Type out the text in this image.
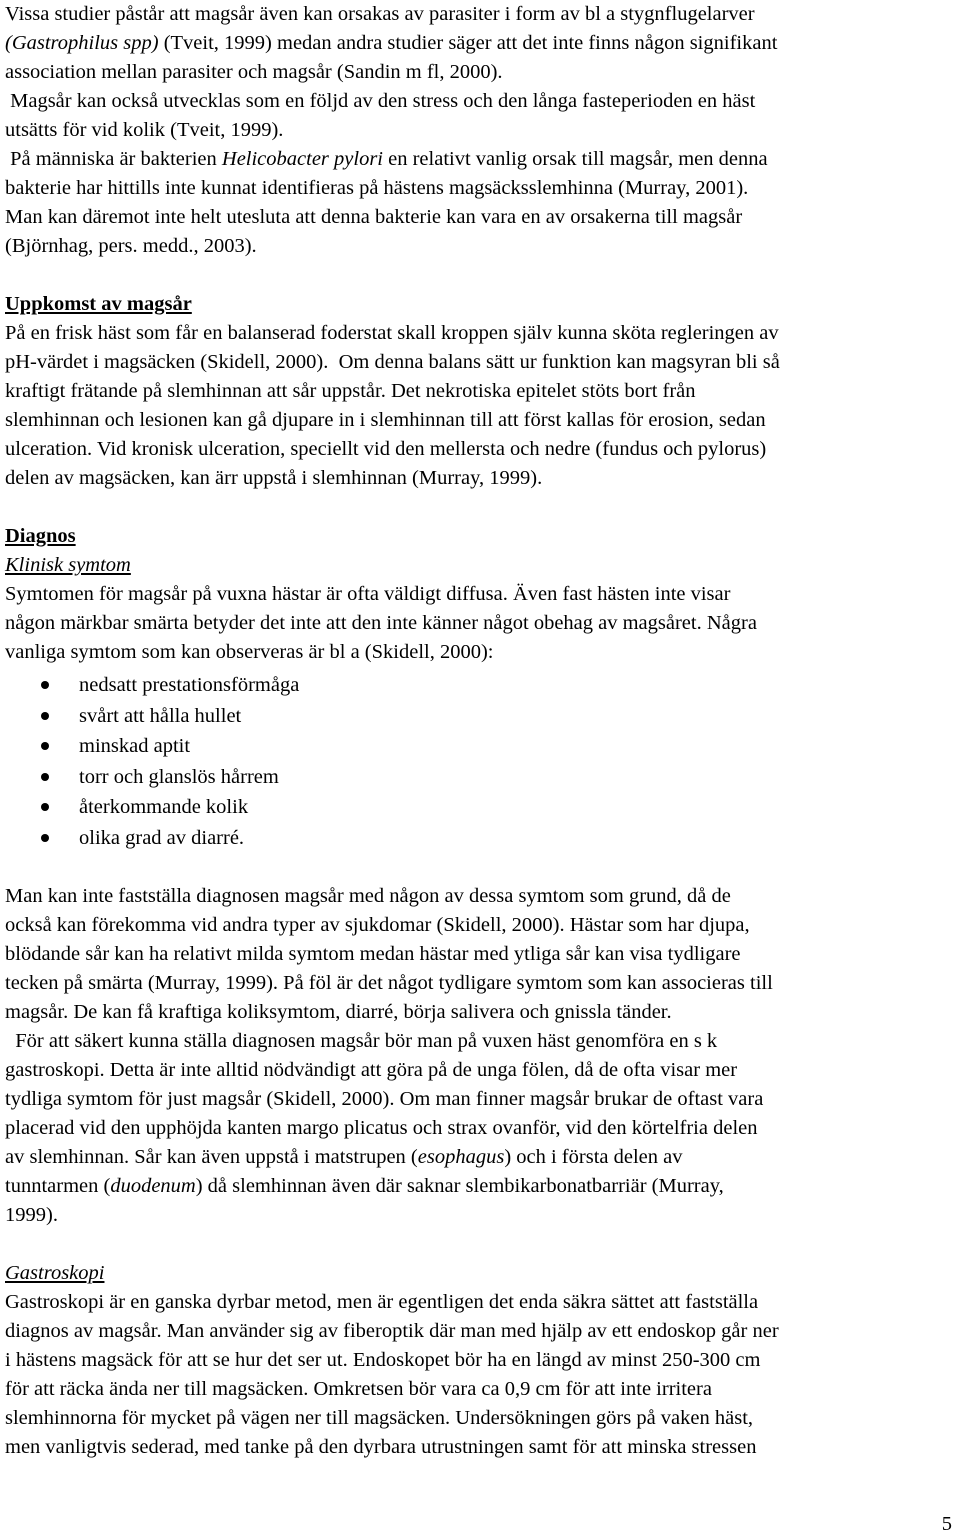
Vissa studier påstår att magsår även kan orsakas av parasiter i form av bl a stygnflugelarver

(Gastrophilus spp) (Tveit, 1999) medan andra studier säger att det inte finns någon signifikant

association mellan parasiter och magsår (Sandin m fl, 2000).

Magsår kan också utvecklas som en följd av den stress och den långa fasteperioden en häst

utsätts för vid kolik (Tveit, 1999).

På människa är bakterien Helicobacter pylori en relativt vanlig orsak till magsår, men denna

bakterie har hittills inte kunnat identifieras på hästens magsäcksslemhinna (Murray, 2001).

Man kan däremot inte helt utesluta att denna bakterie kan vara en av orsakerna till magsår

(Björnhag, pers. medd., 2003).

Uppkomst av magsår

På en frisk häst som får en balanserad foderstat skall kroppen själv kunna sköta regleringen av

pH-värdet i magsäcken (Skidell, 2000).  Om denna balans sätt ur funktion kan magsyran bli så

kraftigt frätande på slemhinnan att sår uppstår. Det nekrotiska epitelet stöts bort från

slemhinnan och lesionen kan gå djupare in i slemhinnan till att först kallas för erosion, sedan

ulceration. Vid kronisk ulceration, speciellt vid den mellersta och nedre (fundus och pylorus)

delen av magsäcken, kan ärr uppstå i slemhinnan (Murray, 1999).

Diagnos

Klinisk symtom

Symtomen för magsår på vuxna hästar är ofta väldigt diffusa. Även fast hästen inte visar

någon märkbar smärta betyder det inte att den inte känner något obehag av magsåret. Några

vanliga symtom som kan observeras är bl a (Skidell, 2000):

nedsatt prestationsförmåga
svårt att hålla hullet
minskad aptit
torr och glanslös hårrem
återkommande kolik
olika grad av diarré.

Man kan inte fastställa diagnosen magsår med någon av dessa symtom som grund, då de

också kan förekomma vid andra typer av sjukdomar (Skidell, 2000). Hästar som har djupa,

blödande sår kan ha relativt milda symtom medan hästar med ytliga sår kan visa tydligare

tecken på smärta (Murray, 1999). På föl är det något tydligare symtom som kan associeras till

magsår. De kan få kraftiga koliksymtom, diarré, börja salivera och gnissla tänder.

För att säkert kunna ställa diagnosen magsår bör man på vuxen häst genomföra en s k

gastroskopi. Detta är inte alltid nödvändigt att göra på de unga fölen, då de ofta visar mer

tydliga symtom för just magsår (Skidell, 2000). Om man finner magsår brukar de oftast vara

placerad vid den upphöjda kanten margo plicatus och strax ovanför, vid den körtelfria delen

av slemhinnan. Sår kan även uppstå i matstrupen (esophagus) och i första delen av

tunntarmen (duodenum) då slemhinnan även där saknar slembikarbonatbarriär (Murray,

1999).

Gastroskopi

Gastroskopi är en ganska dyrbar metod, men är egentligen det enda säkra sättet att fastställa

diagnos av magsår. Man använder sig av fiberoptik där man med hjälp av ett endoskop går ner

i hästens magsäck för att se hur det ser ut. Endoskopet bör ha en längd av minst 250-300 cm

för att räcka ända ner till magsäcken. Omkretsen bör vara ca 0,9 cm för att inte irritera

slemhinnorna för mycket på vägen ner till magsäcken. Undersökningen görs på vaken häst,

men vanligtvis sederad, med tanke på den dyrbara utrustningen samt för att minska stressen

5
